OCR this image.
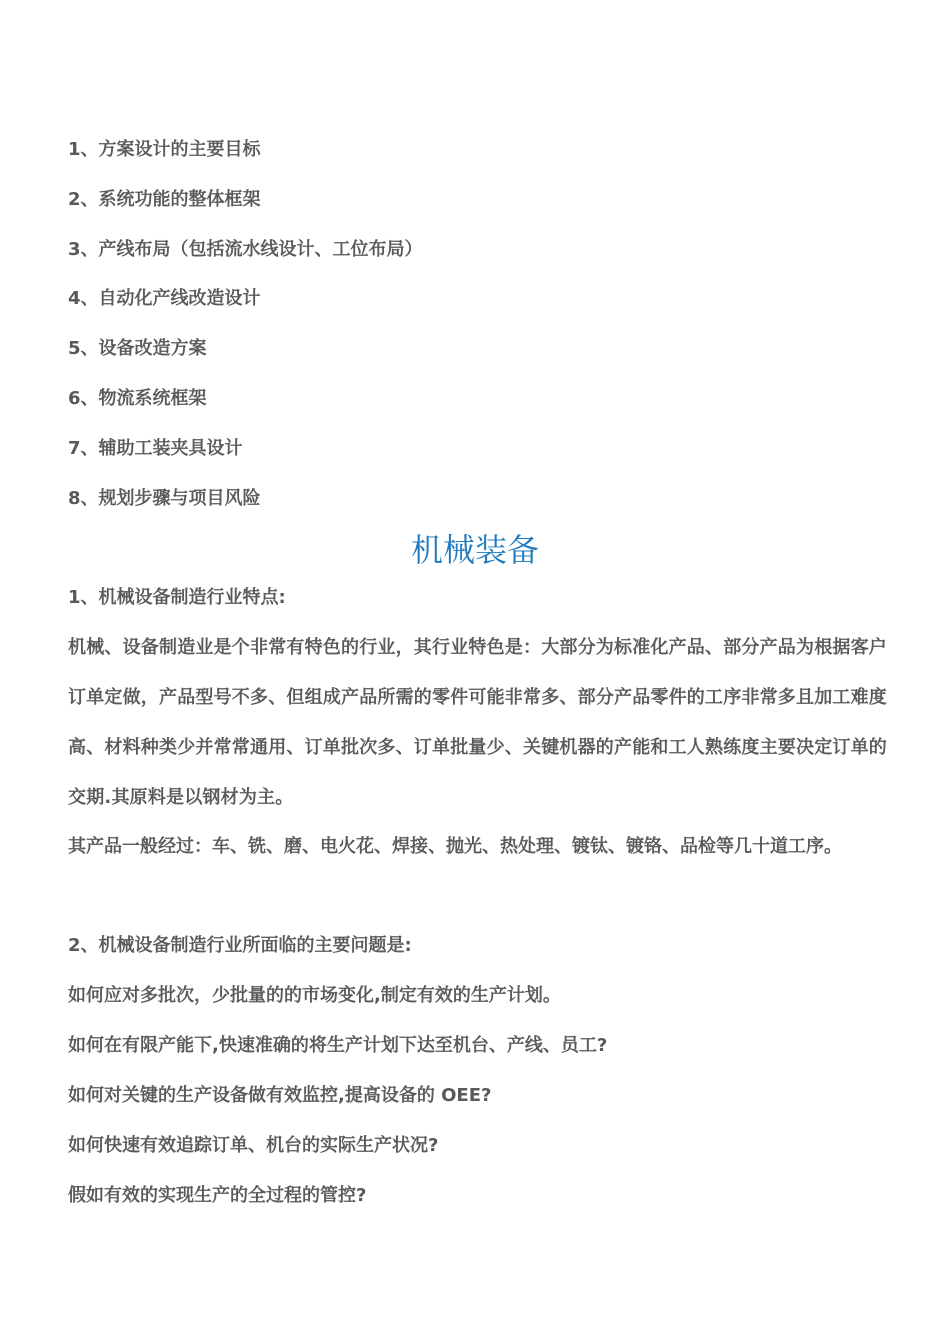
1、方案设计的主要目标
2、系统功能的整体框架
3、产线布局（包括流水线设计、工位布局）
4、自动化产线改造设计
5、设备改造方案
6、物流系统框架
7、辅助工装夹具设计
8、规划步骤与项目风险
机械装备
1、机械设备制造行业特点:

机械、设备制造业是个非常有特色的行业，其行业特色是：大部分为标准化产品、部分产品为根据客户订单定做，产品型号不多、但组成产品所需的零件可能非常多、部分产品零件的工序非常多且加工难度高、材料种类少并常常通用、订单批次多、订单批量少、关键机器的产能和工人熟练度主要决定订单的交期.其原料是以钢材为主。

其产品一般经过：车、铣、磨、电火花、焊接、抛光、热处理、镀钛、镀铬、品检等几十道工序。
2、机械设备制造行业所面临的主要问题是:
如何应对多批次，少批量的的市场变化,制定有效的生产计划。
如何在有限产能下,快速准确的将生产计划下达至机台、产线、员工?
如何对关键的生产设备做有效监控,提高设备的 OEE?
如何快速有效追踪订单、机台的实际生产状况?
假如有效的实现生产的全过程的管控?
